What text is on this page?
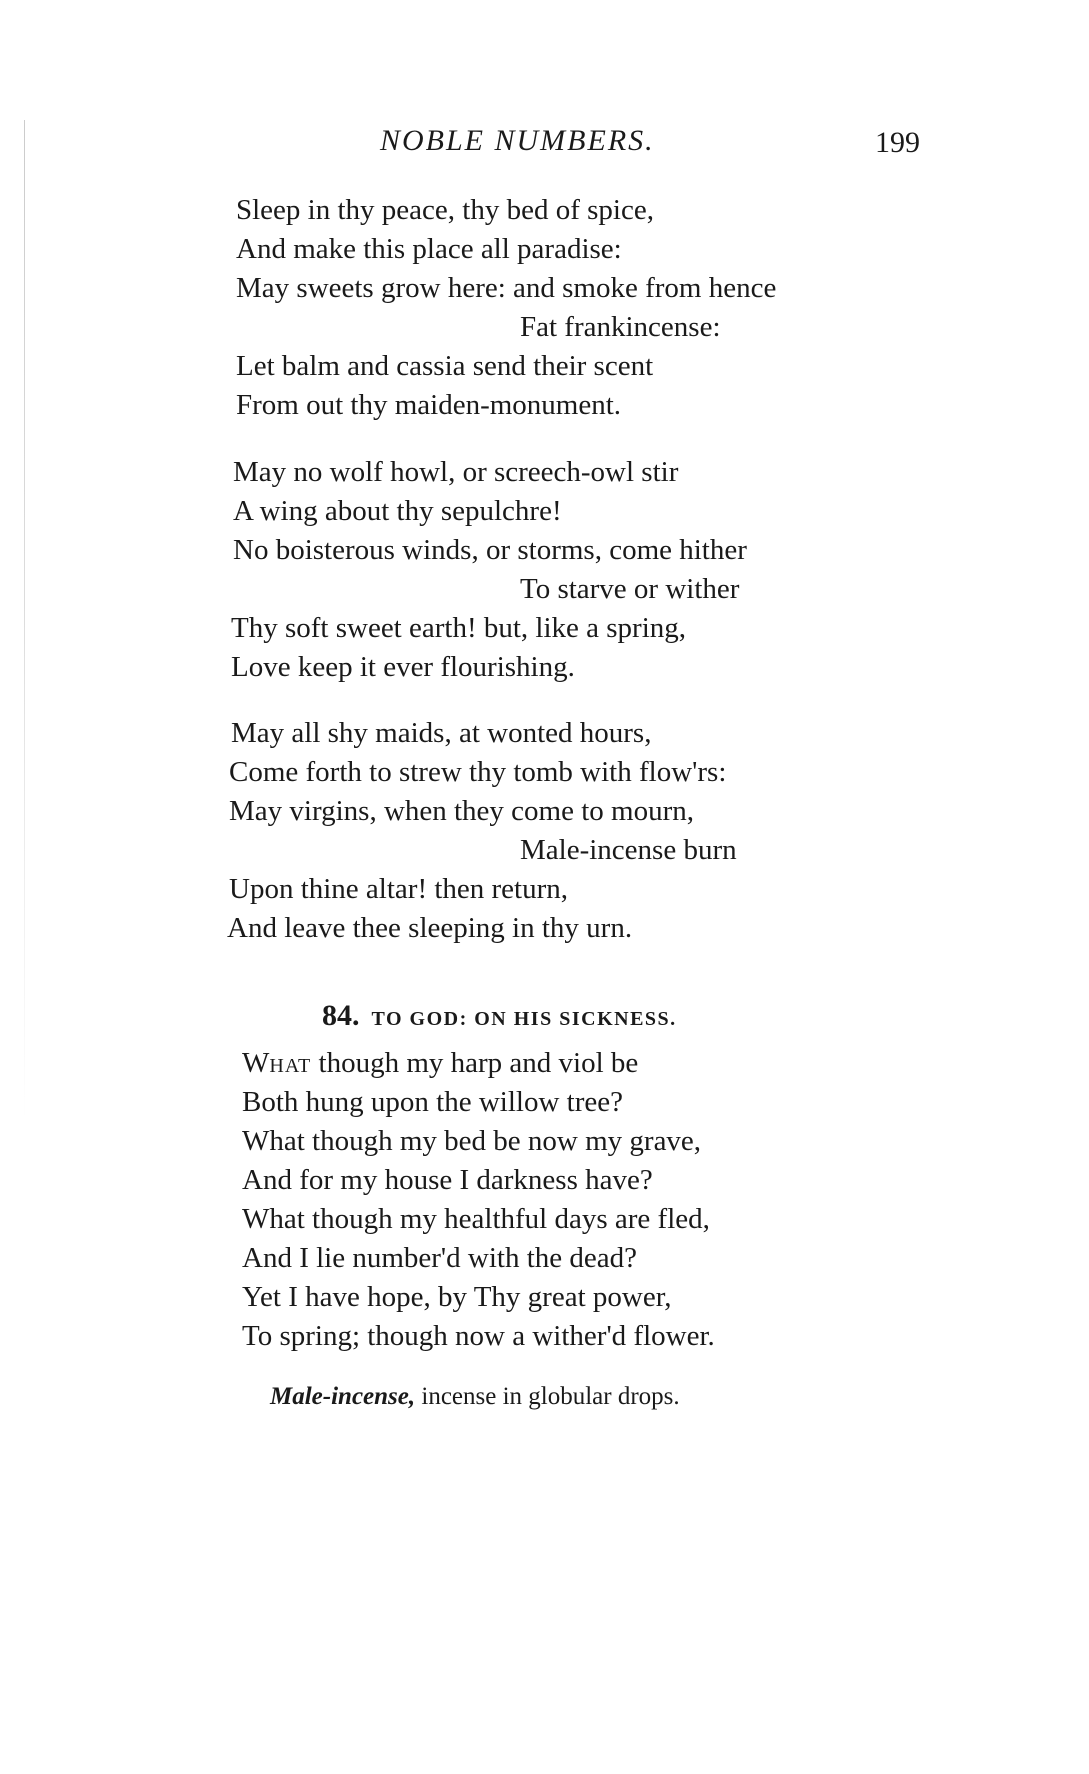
NOBLE NUMBERS.	199
Sleep in thy peace, thy bed of spice,
And make this place all paradise:
May sweets grow here: and smoke from hence
Fat frankincense:
Let balm and cassia send their scent
From out thy maiden-monument.
May no wolf howl, or screech-owl stir
A wing about thy sepulchre!
No boisterous winds, or storms, come hither
To starve or wither
Thy soft sweet earth! but, like a spring,
Love keep it ever flourishing.
May all shy maids, at wonted hours,
Come forth to strew thy tomb with flow'rs:
May virgins, when they come to mourn,
Male-incense burn
Upon thine altar! then return,
And leave thee sleeping in thy urn.
84. TO GOD: ON HIS SICKNESS.
WHAT though my harp and viol be
Both hung upon the willow tree?
What though my bed be now my grave,
And for my house I darkness have?
What though my healthful days are fled,
And I lie number'd with the dead?
Yet I have hope, by Thy great power,
To spring; though now a wither'd flower.
Male-incense, incense in globular drops.
